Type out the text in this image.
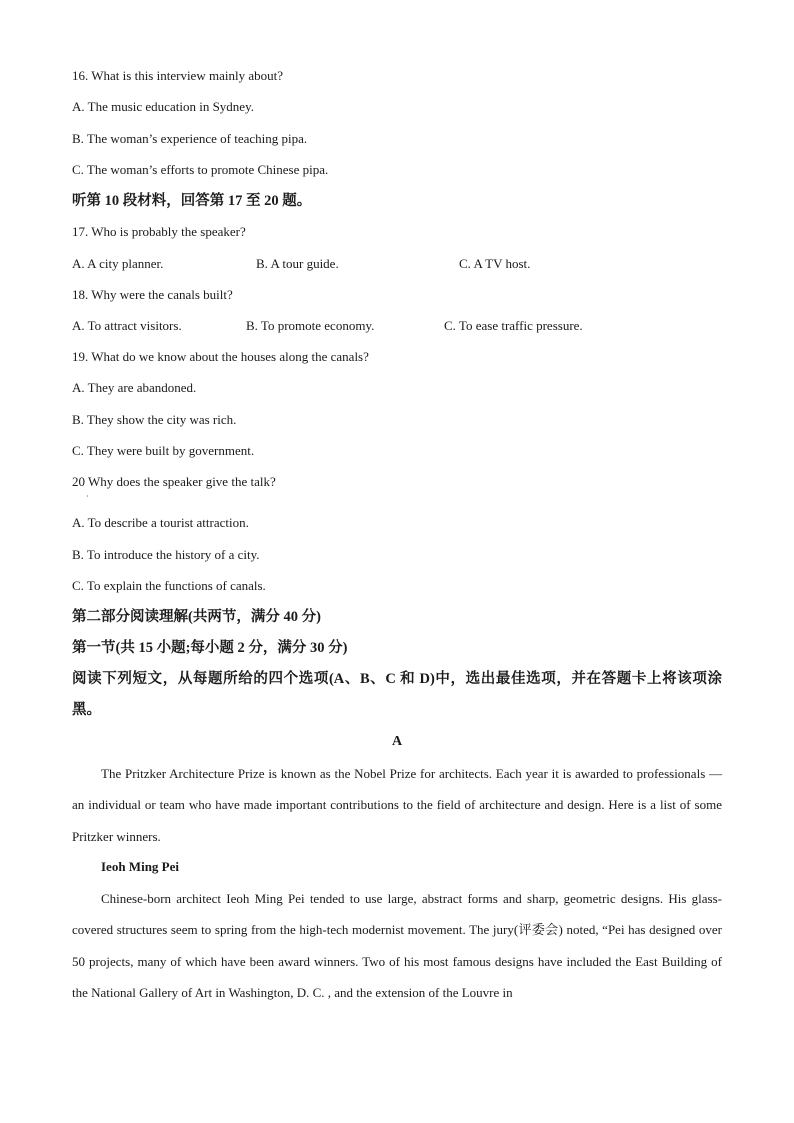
16. What is this interview mainly about?
A. The music education in Sydney.
B. The woman’s experience of teaching pipa.
C. The woman’s efforts to promote Chinese pipa.
听第 10 段材料，回答第 17 至 20 题。
17. Who is probably the speaker?
A. A city planner.	B. A tour guide.	C. A TV host.
18. Why were the canals built?
A. To attract visitors.	B. To promote economy.	C. To ease traffic pressure.
19. What do we know about the houses along the canals?
A. They are abandoned.
B. They show the city was rich.
C. They were built by government.
20 Why does the speaker give the talk?
·
A. To describe a tourist attraction.
B. To introduce the history of a city.
C. To explain the functions of canals.
第二部分阅读理解(共两节，满分 40 分)
第一节(共 15 小题;每小题 2 分，满分 30 分)
阅读下列短文，从每题所给的四个选项(A、B、C 和 D)中，选出最佳选项，并在答题卡上将该项涂黑。
A
The Pritzker Architecture Prize is known as the Nobel Prize for architects. Each year it is awarded to professionals — an individual or team who have made important contributions to the field of architecture and design. Here is a list of some Pritzker winners.
Ieoh Ming Pei
Chinese-born architect Ieoh Ming Pei tended to use large, abstract forms and sharp, geometric designs. His glass-covered structures seem to spring from the high-tech modernist movement. The jury(评委会) noted, “Pei has designed over 50 projects, many of which have been award winners. Two of his most famous designs have included the East Building of the National Gallery of Art in Washington, D. C. , and the extension of the Louvre in
